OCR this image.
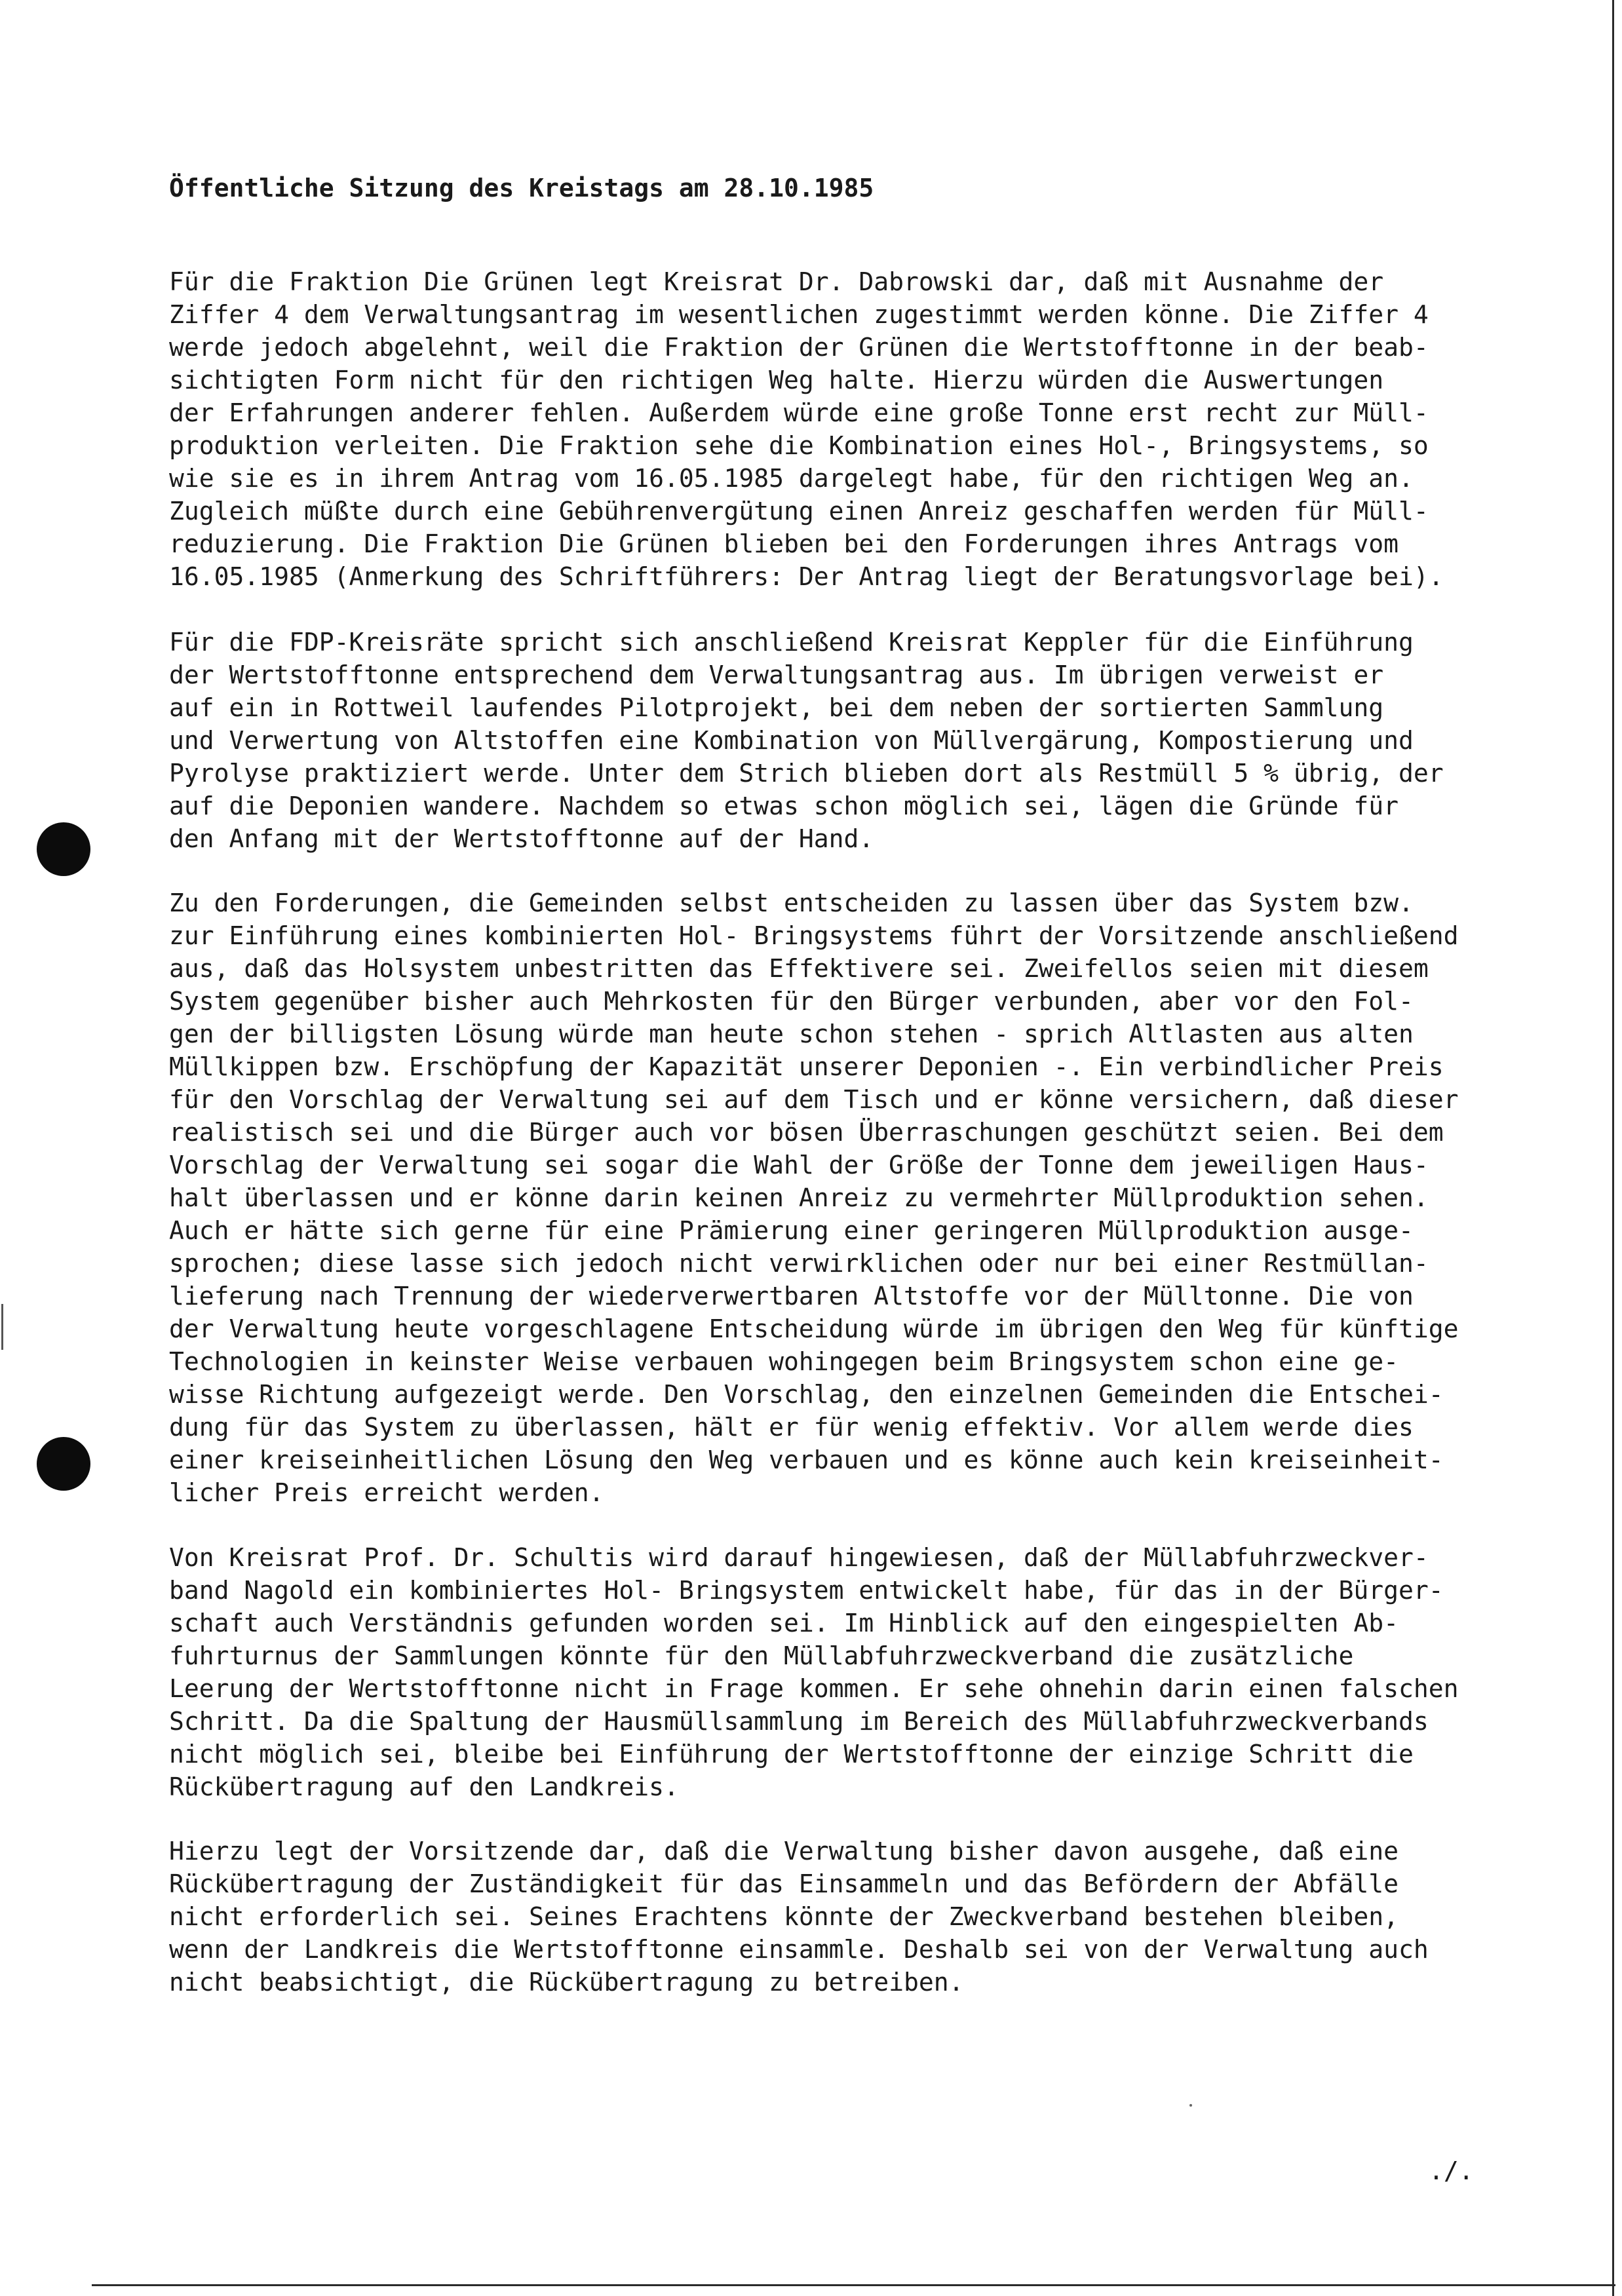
Öffentliche Sitzung des Kreistags am 28.10.1985

Für die Fraktion Die Grünen legt Kreisrat Dr. Dabrowski dar, daß mit Ausnahme der
Ziffer 4 dem Verwaltungsantrag im wesentlichen zugestimmt werden könne. Die Ziffer 4
werde jedoch abgelehnt, weil die Fraktion der Grünen die Wertstofftonne in der beab-
sichtigten Form nicht für den richtigen Weg halte. Hierzu würden die Auswertungen
der Erfahrungen anderer fehlen. Außerdem würde eine große Tonne erst recht zur Müll-
produktion verleiten. Die Fraktion sehe die Kombination eines Hol-, Bringsystems, so
wie sie es in ihrem Antrag vom 16.05.1985 dargelegt habe, für den richtigen Weg an.
Zugleich müßte durch eine Gebührenvergütung einen Anreiz geschaffen werden für Müll-
reduzierung. Die Fraktion Die Grünen blieben bei den Forderungen ihres Antrags vom
16.05.1985 (Anmerkung des Schriftführers: Der Antrag liegt der Beratungsvorlage bei).

Für die FDP-Kreisräte spricht sich anschließend Kreisrat Keppler für die Einführung
der Wertstofftonne entsprechend dem Verwaltungsantrag aus. Im übrigen verweist er
auf ein in Rottweil laufendes Pilotprojekt, bei dem neben der sortierten Sammlung
und Verwertung von Altstoffen eine Kombination von Müllvergärung, Kompostierung und
Pyrolyse praktiziert werde. Unter dem Strich blieben dort als Restmüll 5 % übrig, der
auf die Deponien wandere. Nachdem so etwas schon möglich sei, lägen die Gründe für
den Anfang mit der Wertstofftonne auf der Hand.

Zu den Forderungen, die Gemeinden selbst entscheiden zu lassen über das System bzw.
zur Einführung eines kombinierten Hol- Bringsystems führt der Vorsitzende anschließend
aus, daß das Holsystem unbestritten das Effektivere sei. Zweifellos seien mit diesem
System gegenüber bisher auch Mehrkosten für den Bürger verbunden, aber vor den Fol-
gen der billigsten Lösung würde man heute schon stehen - sprich Altlasten aus alten
Müllkippen bzw. Erschöpfung der Kapazität unserer Deponien -. Ein verbindlicher Preis
für den Vorschlag der Verwaltung sei auf dem Tisch und er könne versichern, daß dieser
realistisch sei und die Bürger auch vor bösen Überraschungen geschützt seien. Bei dem
Vorschlag der Verwaltung sei sogar die Wahl der Größe der Tonne dem jeweiligen Haus-
halt überlassen und er könne darin keinen Anreiz zu vermehrter Müllproduktion sehen.
Auch er hätte sich gerne für eine Prämierung einer geringeren Müllproduktion ausge-
sprochen; diese lasse sich jedoch nicht verwirklichen oder nur bei einer Restmüllan-
lieferung nach Trennung der wiederverwertbaren Altstoffe vor der Mülltonne. Die von
der Verwaltung heute vorgeschlagene Entscheidung würde im übrigen den Weg für künftige
Technologien in keinster Weise verbauen wohingegen beim Bringsystem schon eine ge-
wisse Richtung aufgezeigt werde. Den Vorschlag, den einzelnen Gemeinden die Entschei-
dung für das System zu überlassen, hält er für wenig effektiv. Vor allem werde dies
einer kreiseinheitlichen Lösung den Weg verbauen und es könne auch kein kreiseinheit-
licher Preis erreicht werden.

Von Kreisrat Prof. Dr. Schultis wird darauf hingewiesen, daß der Müllabfuhrzweckver-
band Nagold ein kombiniertes Hol- Bringsystem entwickelt habe, für das in der Bürger-
schaft auch Verständnis gefunden worden sei. Im Hinblick auf den eingespielten Ab-
fuhrturnus der Sammlungen könnte für den Müllabfuhrzweckverband die zusätzliche
Leerung der Wertstofftonne nicht in Frage kommen. Er sehe ohnehin darin einen falschen
Schritt. Da die Spaltung der Hausmüllsammlung im Bereich des Müllabfuhrzweckverbands
nicht möglich sei, bleibe bei Einführung der Wertstofftonne der einzige Schritt die
Rückübertragung auf den Landkreis.

Hierzu legt der Vorsitzende dar, daß die Verwaltung bisher davon ausgehe, daß eine
Rückübertragung der Zuständigkeit für das Einsammeln und das Befördern der Abfälle
nicht erforderlich sei. Seines Erachtens könnte der Zweckverband bestehen bleiben,
wenn der Landkreis die Wertstofftonne einsammle. Deshalb sei von der Verwaltung auch
nicht beabsichtigt, die Rückübertragung zu betreiben.

./.
